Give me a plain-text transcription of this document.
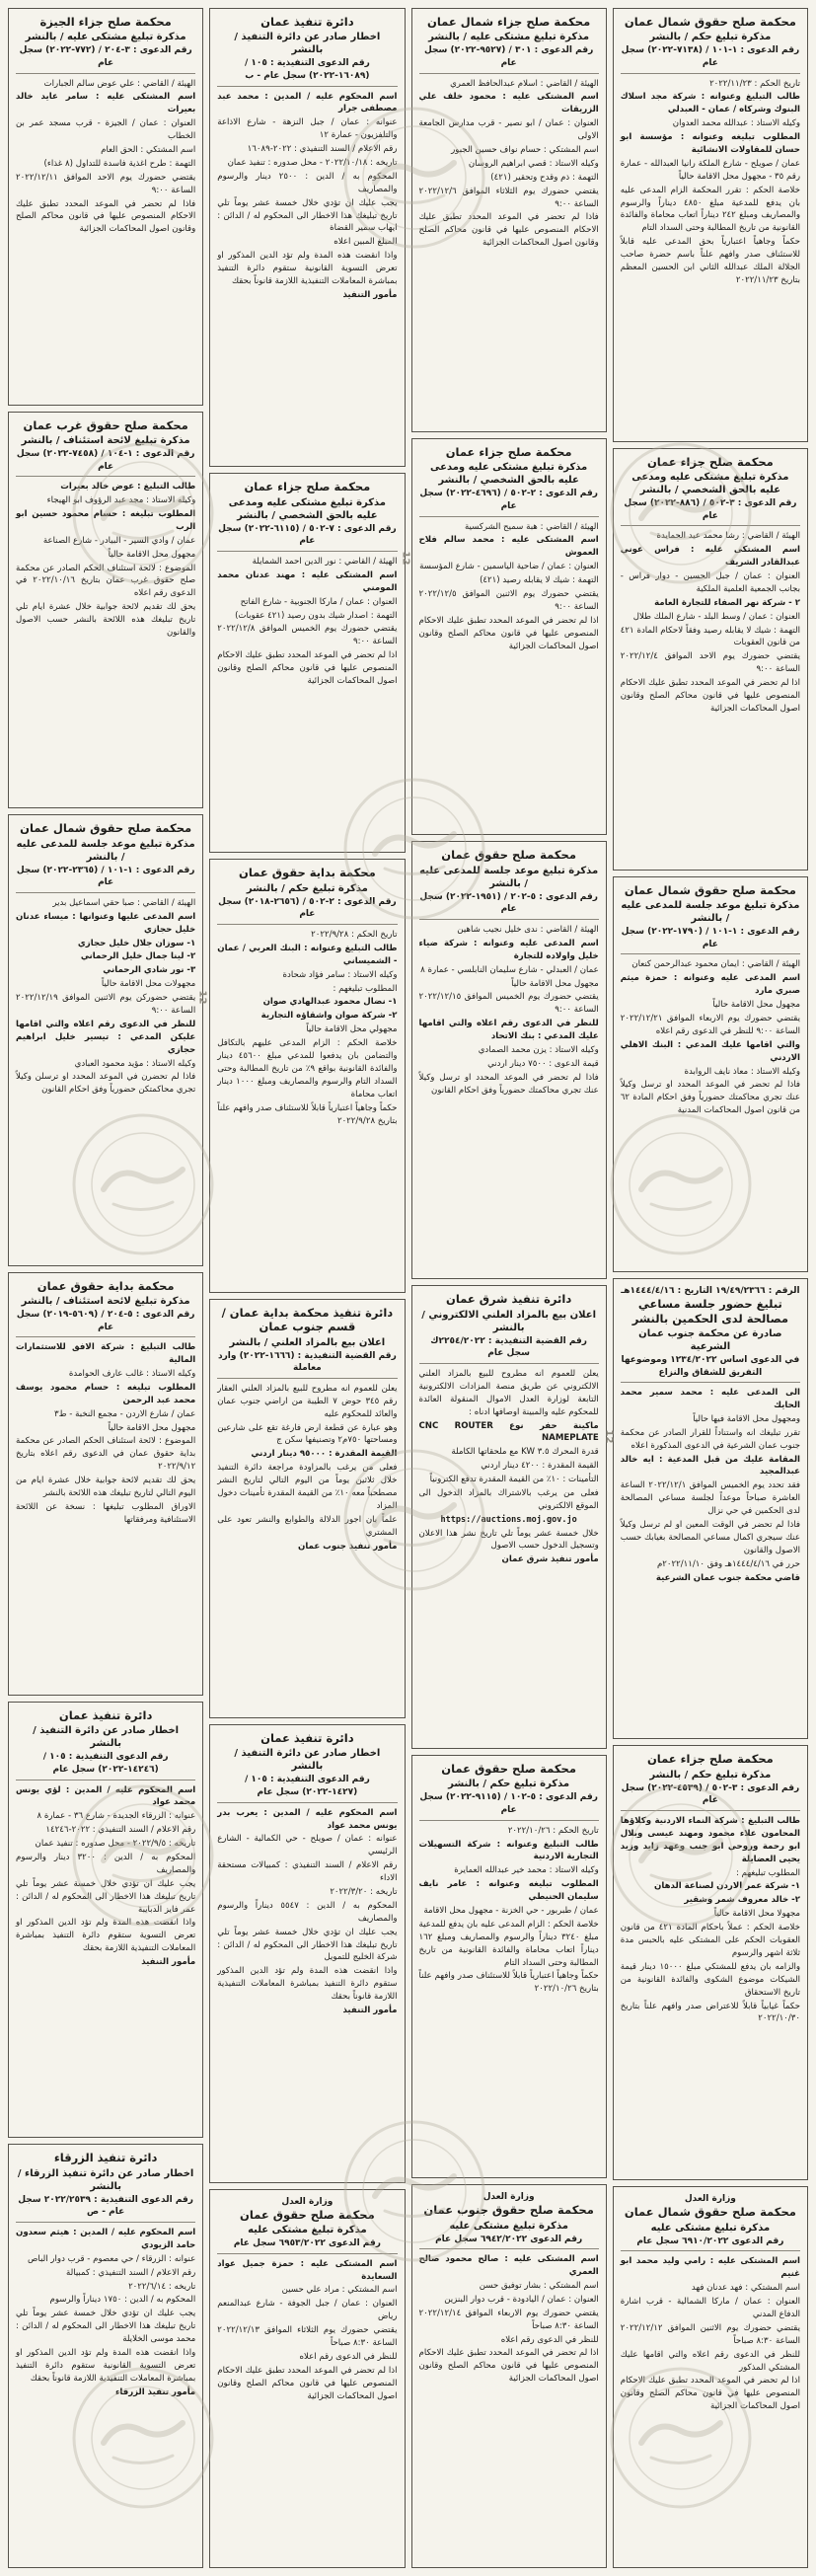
محكمة صلح حقوق شمال عمان
مذكرة تبليغ حكم / بالنشر
رقم الدعوى : ١-١٠١ / (٧١٣٨-٢٠٢٢) سجل عام

تاريخ الحكم : ٢٠٢٢/١١/٢٣

طالب التبليغ وعنوانه : شركة مجد اسلاك البنوك وشركاه / عمان - العبدلي

وكيله الاستاذ : عبدالله محمد العدوان

المطلوب تبليغه وعنوانه : مؤسسة ابو حسان للمقاولات الانشائية

عمان / صويلح - شارع الملكة رانيا العبدالله - عمارة رقم ٣٥ - مجهول محل الاقامة حالياً

خلاصة الحكم : تقرر المحكمة الزام المدعى عليه بان يدفع للمدعية مبلغ ٤٨٥٠ ديناراً والرسوم والمصاريف ومبلغ ٢٤٢ ديناراً اتعاب محاماة والفائدة القانونية من تاريخ المطالبة وحتى السداد التام

حكماً وجاهياً اعتبارياً بحق المدعى عليه قابلاً للاستئناف صدر وافهم علناً باسم حضرة صاحب الجلالة الملك عبدالله الثاني ابن الحسين المعظم بتاريخ ٢٠٢٢/١١/٢٣

محكمة صلح جزاء عمان
مذكرة تبليغ مشتكى عليه ومدعى عليه بالحق الشخصي / بالنشر
رقم الدعوى : ٣-٥٠٢ / (٨٨٦-٢٠٢٢) سجل عام

الهيئة / القاضي : رشا محمد عيد الحمايدة

اسم المشتكى عليه : فراس عوني عبدالقادر الشريف

العنوان : عمان / جبل الحسين - دوار فراس - بجانب الجمعية العلمية الملكية

٢ - شركة نهر الصفاء للتجارة العامة

العنوان : عمان / وسط البلد - شارع الملك طلال

التهمة : شيك لا يقابله رصيد وفقاً لاحكام المادة ٤٢١ من قانون العقوبات

يقتضي حضورك يوم الاحد الموافق ٢٠٢٢/١٢/٤ الساعة ٩:٠٠

اذا لم تحضر في الموعد المحدد تطبق عليك الاحكام المنصوص عليها في قانون محاكم الصلح وقانون اصول المحاكمات الجزائية

محكمة صلح حقوق شمال عمان
مذكرة تبليغ موعد جلسة للمدعى عليه / بالنشر
رقم الدعوى : ١-١٠١ / (١٧٩٠-٢٠٢٢) سجل عام

الهيئة / القاضي : ايمان محمود عبدالرحمن كنعان

اسم المدعى عليه وعنوانه : حمزة ميثم صبري مارد

مجهول محل الاقامة حالياً

يقتضي حضورك يوم الاربعاء الموافق ٢٠٢٢/١٢/٢١ الساعة ٩:٠٠ للنظر في الدعوى رقم اعلاه

والتي اقامها عليك المدعي : البنك الاهلي الاردني

وكيله الاستاذ : معاذ نايف الروابدة

فاذا لم تحضر في الموعد المحدد او ترسل وكيلاً عنك تجري محاكمتك حضورياً وفق احكام المادة ٦٢ من قانون اصول المحاكمات المدنية

الرقم : ١٩/٤٩/٢٣٦٦ التاريخ : ١٤٤٤/٤/١٦هـ
تبليغ حضور جلسة مساعي مصالحة لدى الحكمين بالنشر
صادرة عن محكمة جنوب عمان الشرعية
في الدعوى اساس ١٢٣٤/٢٠٢٢ وموضوعها التفريق للشقاق والنزاع

الى المدعى عليه : محمد سمير محمد الحايك

ومجهول محل الاقامة فيها حالياً

تقرر تبليغك انه واستناداً للقرار الصادر عن محكمة جنوب عمان الشرعية في الدعوى المذكورة اعلاه

المقامة عليك من قبل المدعية : ايه خالد عبدالمجيد

فقد تحدد يوم الخميس الموافق ٢٠٢٢/١٢/١ الساعة العاشرة صباحاً موعداً لجلسة مساعي المصالحة لدى الحكمين في حي نزال

فاذا لم تحضر في الوقت المعين او لم ترسل وكيلاً عنك سيجري اكمال مساعي المصالحة بغيابك حسب الاصول والقانون

حرر في ١٤٤٤/٤/١٦هـ وفق ٢٠٢٢/١١/١٠م

قاضي محكمة جنوب عمان الشرعية

محكمة صلح جزاء عمان
مذكرة تبليغ حكم / بالنشر
رقم الدعوى : ٣-٥٠٢ / (٤٥٣٩-٢٠٢٢) سجل عام

طالب التبليغ : شركة النماء الاردنية وكلاؤها المحامون علاء محمود ومهند عيسى وبلال ابو رحمة وروحي ابو جنب وعهد زايد وزيد يحيى العضايلة

المطلوب تبليغهم :

١- شركة عمر الاردن لصناعة الدهان

٢- خالد معروف شمر وشقير

مجهولا محل الاقامة حالياً

خلاصة الحكم : عملاً باحكام المادة ٤٢١ من قانون العقوبات الحكم على المشتكى عليه بالحبس مدة ثلاثة اشهر والرسوم

والزامه بان يدفع للمشتكي مبلغ ١٥٠٠٠ دينار قيمة الشيكات موضوع الشكوى والفائدة القانونية من تاريخ الاستحقاق

حكماً غيابياً قابلاً للاعتراض صدر وافهم علناً بتاريخ ٢٠٢٢/١٠/٣٠

وزارة العدل
محكمة صلح حقوق شمال عمان
مذكرة تبليغ مشتكى عليه
رقم الدعوى ٦٩١٠/٢٠٢٢ سجل عام

اسم المشتكى عليه : رامي وليد محمد ابو غنيم

اسم المشتكي : فهد عدنان فهد

العنوان : عمان / ماركا الشمالية - قرب اشارة الدفاع المدني

يقتضي حضورك يوم الاثنين الموافق ٢٠٢٢/١٢/١٢ الساعة ٨:٣٠ صباحاً

للنظر في الدعوى رقم اعلاه والتي اقامها عليك المشتكي المذكور

اذا لم تحضر في الموعد المحدد تطبق عليك الاحكام المنصوص عليها في قانون محاكم الصلح وقانون اصول المحاكمات الجزائية

محكمة صلح جزاء شمال عمان
مذكرة تبليغ مشتكى عليه / بالنشر
رقم الدعوى : ٣٠١ / (٩٥٢٧-٢٠٢٢) سجل عام

الهيئة / القاضي : اسلام عبدالحافظ العمري

اسم المشتكى عليه : محمود خلف علي الزريقات

العنوان : عمان / ابو نصير - قرب مدارس الجامعة الاولى

اسم المشتكي : حسام نواف حسين الجبور

وكيله الاستاذ : قصي ابراهيم الروسان

التهمة : ذم وقدح وتحقير (٤٢١)

يقتضي حضورك يوم الثلاثاء الموافق ٢٠٢٢/١٢/٦ الساعة ٩:٠٠

فاذا لم تحضر في الموعد المحدد تطبق عليك الاحكام المنصوص عليها في قانون محاكم الصلح وقانون اصول المحاكمات الجزائية

محكمة صلح جزاء عمان
مذكرة تبليغ مشتكى عليه ومدعى عليه بالحق الشخصي / بالنشر
رقم الدعوى : ٢-٥٠٢ / (٤٦٩٦-٢٠٢٢) سجل عام

الهيئة / القاضي : هبة سميح الشركسية

اسم المشتكى عليه : محمد سالم فلاح العموش

العنوان : عمان / ضاحية الياسمين - شارع المؤسسة

التهمة : شيك لا يقابله رصيد (٤٢١)

يقتضي حضورك يوم الاثنين الموافق ٢٠٢٢/١٢/٥ الساعة ٩:٠٠

اذا لم تحضر في الموعد المحدد تطبق عليك الاحكام المنصوص عليها في قانون محاكم الصلح وقانون اصول المحاكمات الجزائية

محكمة صلح حقوق عمان
مذكرة تبليغ موعد جلسة للمدعى عليه / بالنشر
رقم الدعوى : ٥-٢٠٢ / (١٩٥١-٢٠٢٢) سجل عام

الهيئة / القاضي : ندى خليل نجيب شاهين

اسم المدعى عليه وعنوانه : شركة ضياء خليل واولاده للتجارة

عمان / العبدلي - شارع سليمان النابلسي - عمارة ٨

مجهول محل الاقامة حالياً

يقتضي حضورك يوم الخميس الموافق ٢٠٢٢/١٢/١٥ الساعة ٩:٠٠

للنظر في الدعوى رقم اعلاه والتي اقامها عليك المدعي : بنك الاتحاد

وكيله الاستاذ : يزن محمد الصمادي

قيمة الدعوى : ٧٥٠٠ دينار اردني

فاذا لم تحضر في الموعد المحدد او ترسل وكيلاً عنك تجري محاكمتك حضورياً وفق احكام القانون

دائرة تنفيذ شرق عمان
اعلان بيع بالمزاد العلني الالكتروني / بالنشر
رقم القضية التنفيذية : ٢٢٥٤/٢٠٢٢ك سجل عام

يعلن للعموم انه مطروح للبيع بالمزاد العلني الالكتروني عن طريق منصة المزادات الالكترونية التابعة لوزارة العدل الاموال المنقولة العائدة للمحكوم عليه والمبينة اوصافها ادناه :

ماكينة حفر نوع CNC ROUTER NAMEPLATE

قدرة المحرك ٣.٥ KW مع ملحقاتها الكاملة

القيمة المقدرة : ٤٢٠٠ دينار اردني

التأمينات : ١٠٪ من القيمة المقدرة تدفع الكترونياً

فعلى من يرغب بالاشتراك بالمزاد الدخول الى الموقع الالكتروني

https://auctions.moj.gov.jo

خلال خمسة عشر يوماً تلي تاريخ نشر هذا الاعلان وتسجيل الدخول حسب الاصول

مأمور تنفيذ شرق عمان

محكمة صلح حقوق عمان
مذكرة تبليغ حكم / بالنشر
رقم الدعوى : ٥-١٠٢ / (٩١١٥-٢٠٢٢) سجل عام

تاريخ الحكم : ٢٠٢٢/١٠/٢٦

طالب التبليغ وعنوانه : شركة التسهيلات التجارية الاردنية

وكيله الاستاذ : محمد خير عبدالله العمايرة

المطلوب تبليغه وعنوانه : عامر نايف سليمان الحنيطي

عمان / طبربور - حي الخزنة - مجهول محل الاقامة

خلاصة الحكم : الزام المدعى عليه بان يدفع للمدعية مبلغ ٣٢٤٠ ديناراً والرسوم والمصاريف ومبلغ ١٦٢ ديناراً اتعاب محاماة والفائدة القانونية من تاريخ المطالبة وحتى السداد التام

حكماً وجاهياً اعتبارياً قابلاً للاستئناف صدر وافهم علناً بتاريخ ٢٠٢٢/١٠/٢٦

وزارة العدل
محكمة صلح حقوق جنوب عمان
مذكرة تبليغ مشتكى عليه
رقم الدعوى ٦٩٤٢/٢٠٢٢ سجل عام

اسم المشتكى عليه : صالح محمود صالح العمري

اسم المشتكي : بشار توفيق حسن

العنوان : عمان / اليادودة - قرب دوار البنزين

يقتضي حضورك يوم الاربعاء الموافق ٢٠٢٢/١٢/١٤ الساعة ٨:٣٠ صباحاً

للنظر في الدعوى رقم اعلاه

اذا لم تحضر في الموعد المحدد تطبق عليك الاحكام المنصوص عليها في قانون محاكم الصلح وقانون اصول المحاكمات الجزائية

دائرة تنفيذ عمان
اخطار صادر عن دائرة التنفيذ / بالنشر
رقم الدعوى التنفيذية : ١٠٥ / (١٦٠٨٩-٢٠٢٢) سجل عام - ب

اسم المحكوم عليه / المدين : محمد عبد مصطفى جرار

عنوانه : عمان / جبل النزهة - شارع الاذاعة والتلفزيون - عمارة ١٢

رقم الاعلام / السند التنفيذي : ٢٠٢٢-١٦٠٨٩

تاريخه : ٢٠٢٢/١٠/١٨ - محل صدوره : تنفيذ عمان

المحكوم به / الدين : ٢٥٠٠ دينار والرسوم والمصاريف

يجب عليك ان تؤدي خلال خمسة عشر يوماً تلي تاريخ تبليغك هذا الاخطار الى المحكوم له / الدائن : ايهاب سمير القضاة

المبلغ المبين اعلاه

واذا انقضت هذه المدة ولم تؤد الدين المذكور او تعرض التسوية القانونية ستقوم دائرة التنفيذ بمباشرة المعاملات التنفيذية اللازمة قانوناً بحقك

مأمور التنفيذ

محكمة صلح جزاء عمان
مذكرة تبليغ مشتكى عليه ومدعى عليه بالحق الشخصي / بالنشر
رقم الدعوى : ٧-٥٠٢ / (٦١١٥-٢٠٢٢) سجل عام

الهيئة / القاضي : نور الدين احمد الشمايلة

اسم المشتكى عليه : مهند عدنان محمد المومني

العنوان : عمان / ماركا الجنوبية - شارع الفاتح

التهمة : اصدار شيك بدون رصيد (٤٢١ عقوبات)

يقتضي حضورك يوم الخميس الموافق ٢٠٢٢/١٢/٨ الساعة ٩:٠٠

اذا لم تحضر في الموعد المحدد تطبق عليك الاحكام المنصوص عليها في قانون محاكم الصلح وقانون اصول المحاكمات الجزائية

محكمة بداية حقوق عمان
مذكرة تبليغ حكم / بالنشر
رقم الدعوى : ٢-٥٠٢ / (٢٦٥٦-٢٠١٨) سجل عام

تاريخ الحكم : ٢٠٢٢/٩/٢٨

طالب التبليغ وعنوانه : البنك العربي / عمان - الشميساني

وكيله الاستاذ : سامر فؤاد شحادة

المطلوب تبليغهم :

١- نضال محمود عبدالهادي صوان

٢- شركة صوان واشقاؤه التجارية

مجهولي محل الاقامة حالياً

خلاصة الحكم : الزام المدعى عليهم بالتكافل والتضامن بان يدفعوا للمدعي مبلغ ٤٥٦٠٠ دينار والفائدة القانونية بواقع ٩٪ من تاريخ المطالبة وحتى السداد التام والرسوم والمصاريف ومبلغ ١٠٠٠ دينار اتعاب محاماة

حكماً وجاهياً اعتبارياً قابلاً للاستئناف صدر وافهم علناً بتاريخ ٢٠٢٢/٩/٢٨

دائرة تنفيذ محكمة بداية عمان / قسم جنوب عمان
اعلان بيع بالمزاد العلني / بالنشر
رقم القضية التنفيذية : (١٦٦٦-٢٠٢٢) وارد معاملة

يعلن للعموم انه مطروح للبيع بالمزاد العلني العقار رقم ٣٤٥ حوض ٧ الطيبة من اراضي جنوب عمان والعائد للمحكوم عليه

وهو عبارة عن قطعة ارض فارغة تقع على شارعين ومساحتها ٧٥٠م٢ وتصنيفها سكن ج

القيمة المقدرة : ٩٥٠٠٠ دينار اردني

فعلى من يرغب بالمزاودة مراجعة دائرة التنفيذ خلال ثلاثين يوماً من اليوم التالي لتاريخ النشر مصطحباً معه ١٠٪ من القيمة المقدرة تأمينات دخول المزاد

علماً بان اجور الدلالة والطوابع والنشر تعود على المشتري

مأمور تنفيذ جنوب عمان

دائرة تنفيذ عمان
اخطار صادر عن دائرة التنفيذ / بالنشر
رقم الدعوى التنفيذية : ١٠٥ / (١٤٢٧-٢٠٢٢) سجل عام

اسم المحكوم عليه / المدين : يعرب بدر يونس محمد عواد

عنوانه : عمان / صويلح - حي الكمالية - الشارع الرئيسي

رقم الاعلام / السند التنفيذي : كمبيالات مستحقة الاداء

تاريخه : ٢٠٢٢/٣/٢٠

المحكوم به / الدين : ٥٥٤٧ ديناراً والرسوم والمصاريف

يجب عليك ان تؤدي خلال خمسة عشر يوماً تلي تاريخ تبليغك هذا الاخطار الى المحكوم له / الدائن : شركة الخليج للتمويل

واذا انقضت هذه المدة ولم تؤد الدين المذكور ستقوم دائرة التنفيذ بمباشرة المعاملات التنفيذية اللازمة قانوناً بحقك

مأمور التنفيذ

وزارة العدل
محكمة صلح حقوق عمان
مذكرة تبليغ مشتكى عليه
رقم الدعوى ٦٩٥٣/٢٠٢٢ سجل عام

اسم المشتكى عليه : حمزة جميل عواد السعايدة

اسم المشتكي : مراد علي حسين

العنوان : عمان / جبل الجوفة - شارع عبدالمنعم رياض

يقتضي حضورك يوم الثلاثاء الموافق ٢٠٢٢/١٢/١٣ الساعة ٨:٣٠ صباحاً

للنظر في الدعوى رقم اعلاه

اذا لم تحضر في الموعد المحدد تطبق عليك الاحكام المنصوص عليها في قانون محاكم الصلح وقانون اصول المحاكمات الجزائية

محكمة صلح جزاء الجيزة
مذكرة تبليغ مشتكى عليه / بالنشر
رقم الدعوى : ٣-٢٠٤ / (٧٧٢-٢٠٢٢) سجل عام

الهيئة / القاضي : علي عوض سالم الجبارات

اسم المشتكى عليه : سامر عايد خالد بعيرات

العنوان : عمان / الجيزة - قرب مسجد عمر بن الخطاب

اسم المشتكي : الحق العام

التهمة : طرح اغذية فاسدة للتداول (٨ غذاء)

يقتضي حضورك يوم الاحد الموافق ٢٠٢٢/١٢/١١ الساعة ٩:٠٠

فاذا لم تحضر في الموعد المحدد تطبق عليك الاحكام المنصوص عليها في قانون محاكم الصلح وقانون اصول المحاكمات الجزائية

محكمة صلح حقوق غرب عمان
مذكرة تبليغ لائحة استئناف / بالنشر
رقم الدعوى : ١-١٠٤ / (٧٤٥٨-٢٠٢٢) سجل عام

طالب التبليغ : عوض خالد بعيرات

وكيله الاستاذ : مجد عبد الرؤوف ابو الهيجاء

المطلوب تبليغه : حسام محمود حسين ابو الرب

عمان / وادي السير - البيادر - شارع الصناعة

مجهول محل الاقامة حالياً

الموضوع : لائحة استئناف الحكم الصادر عن محكمة صلح حقوق غرب عمان بتاريخ ٢٠٢٢/١٠/١٦ في الدعوى رقم اعلاه

يحق لك تقديم لائحة جوابية خلال عشرة ايام تلي تاريخ تبليغك هذه اللائحة بالنشر حسب الاصول والقانون

محكمة صلح حقوق شمال عمان
مذكرة تبليغ موعد جلسة للمدعى عليه / بالنشر
رقم الدعوى : ١-١٠١ / (٢٣٦٥-٢٠٢٢) سجل عام

الهيئة / القاضي : صبا حقي اسماعيل بدير

اسم المدعى عليها وعنوانها : ميساء عدنان خليل حجازي

١- سوزان جلال خليل حجازي

٢- لينا جمال خليل الرحماني

٣- نور شادي الرحماني

مجهولات محل الاقامة حالياً

يقتضي حضوركن يوم الاثنين الموافق ٢٠٢٢/١٢/١٩ الساعة ٩:٠٠

للنظر في الدعوى رقم اعلاه والتي اقامها عليكن المدعي : تيسير خليل ابراهيم حجازي

وكيله الاستاذ : مؤيد محمود العبادي

فاذا لم تحضرن في الموعد المحدد او ترسلن وكيلاً تجري محاكمتكن حضورياً وفق احكام القانون

محكمة بداية حقوق عمان
مذكرة تبليغ لائحة استئناف / بالنشر
رقم الدعوى : ٥-٢٠٤ / (٥٦٠٩-٢٠١٩) سجل عام

طالب التبليغ : شركة الافق للاستثمارات المالية

وكيله الاستاذ : غالب عارف الحوامدة

المطلوب تبليغه : حسام محمود يوسف محمد عبد الرحمن

عمان / شارع الاردن - مجمع النخبة - ط٣

مجهول محل الاقامة حالياً

الموضوع : لائحة استئناف الحكم الصادر عن محكمة بداية حقوق عمان في الدعوى رقم اعلاه بتاريخ ٢٠٢٢/٩/١٢

يحق لك تقديم لائحة جوابية خلال عشرة ايام من اليوم التالي لتاريخ تبليغك هذه اللائحة بالنشر

الاوراق المطلوب تبليغها : نسخة عن اللائحة الاستئنافية ومرفقاتها

دائرة تنفيذ عمان
اخطار صادر عن دائرة التنفيذ / بالنشر
رقم الدعوى التنفيذية : ١٠٥ / (١٤٢٤٦-٢٠٢٢) سجل عام

اسم المحكوم عليه / المدين : لؤي يونس محمد عواد

عنوانه : الزرقاء الجديدة - شارع ٣٦ - عمارة ٨

رقم الاعلام / السند التنفيذي : ٢٠٢٢-١٤٢٤٦

تاريخه : ٢٠٢٢/٩/٥ - محل صدوره : تنفيذ عمان

المحكوم به / الدين : ٣٢٠٠ دينار والرسوم والمصاريف

يجب عليك ان تؤدي خلال خمسة عشر يوماً تلي تاريخ تبليغك هذا الاخطار الى المحكوم له / الدائن : عمر فايز الدبايبة

واذا انقضت هذه المدة ولم تؤد الدين المذكور او تعرض التسوية ستقوم دائرة التنفيذ بمباشرة المعاملات التنفيذية اللازمة بحقك

مأمور التنفيذ

دائرة تنفيذ الزرقاء
اخطار صادر عن دائرة تنفيذ الزرقاء / بالنشر
رقم الدعوى التنفيذية : ٢٠٢٢/٢٥٣٩ سجل عام - ص

اسم المحكوم عليه / المدين : هيثم سعدون حامد الزيودي

عنوانه : الزرقاء / حي معصوم - قرب دوار الباص

رقم الاعلام / السند التنفيذي : كمبيالة

تاريخه : ٢٠٢٢/٦/١٤

المحكوم به / الدين : ١٧٥٠ ديناراً والرسوم

يجب عليك ان تؤدي خلال خمسة عشر يوماً تلي تاريخ تبليغك هذا الاخطار الى المحكوم له / الدائن : محمد موسى الخلايلة

واذا انقضت هذه المدة ولم تؤد الدين المذكور او تعرض التسوية القانونية ستقوم دائرة التنفيذ بمباشرة المعاملات التنفيذية اللازمة قانوناً بحقك

مأمور تنفيذ الزرقاء

12
12
12
